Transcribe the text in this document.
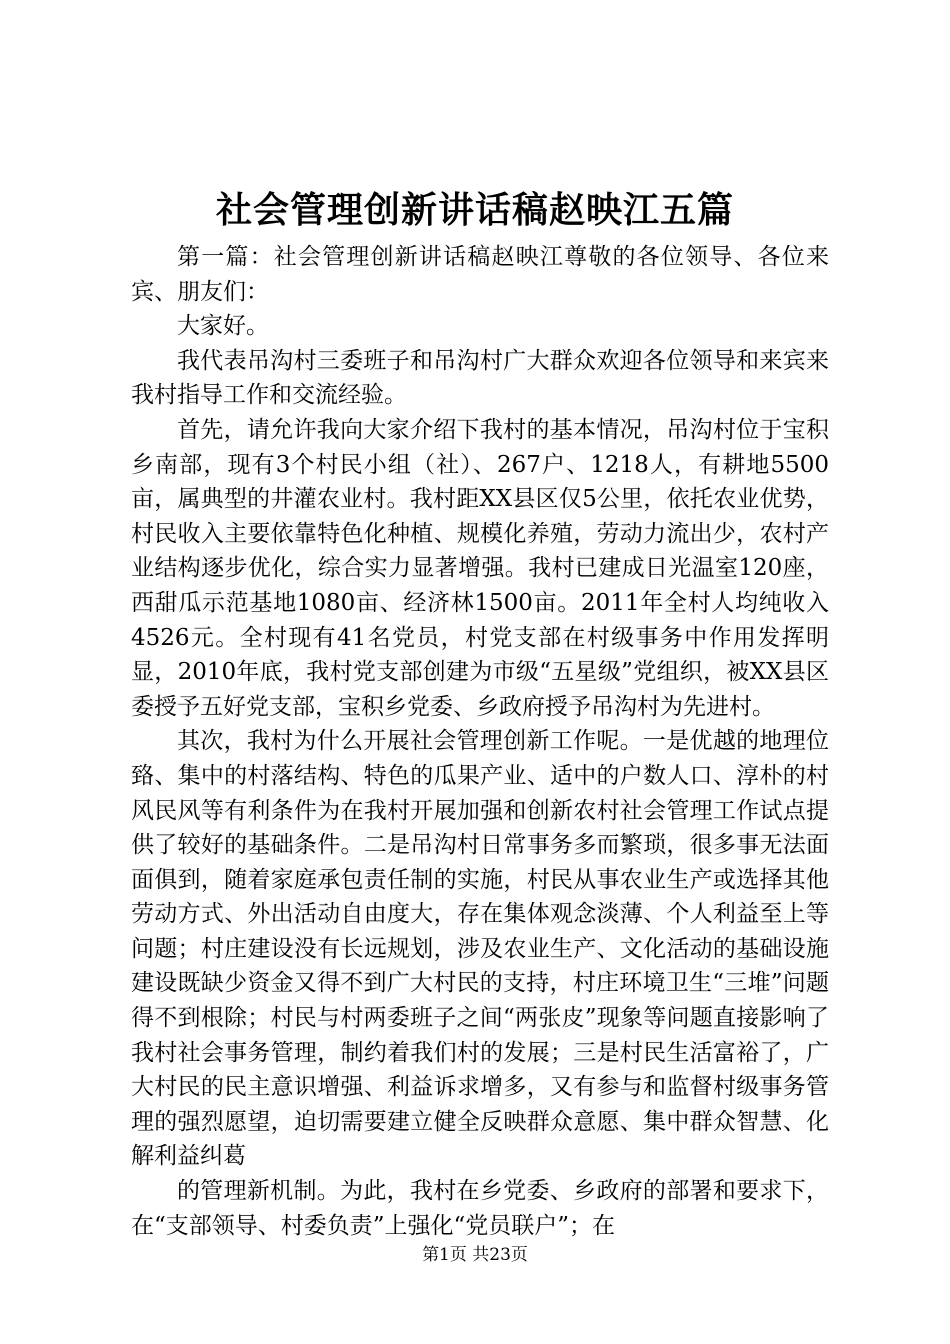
社会管理创新讲话稿赵映江五篇

第一篇：社会管理创新讲话稿赵映江尊敬的各位领导、各位来宾、朋友们：

大家好。

我代表吊沟村三委班子和吊沟村广大群众欢迎各位领导和来宾来我村指导工作和交流经验。

首先，请允许我向大家介绍下我村的基本情况，吊沟村位于宝积乡南部，现有3个村民小组（社）、267户、1218人，有耕地5500亩，属典型的井灌农业村。我村距XX县区仅5公里，依托农业优势，村民收入主要依靠特色化种植、规模化养殖，劳动力流出少，农村产业结构逐步优化，综合实力显著增强。我村已建成日光温室120座，西甜瓜示范基地1080亩、经济林1500亩。2011年全村人均纯收入4526元。全村现有41名党员，村党支部在村级事务中作用发挥明显，2010年底，我村党支部创建为市级“五星级”党组织，被XX县区委授予五好党支部，宝积乡党委、乡政府授予吊沟村为先进村。

其次，我村为什么开展社会管理创新工作呢。一是优越的地理位臵、集中的村落结构、特色的瓜果产业、适中的户数人口、淳朴的村风民风等有利条件为在我村开展加强和创新农村社会管理工作试点提供了较好的基础条件。二是吊沟村日常事务多而繁琐，很多事无法面面俱到，随着家庭承包责任制的实施，村民从事农业生产或选择其他劳动方式、外出活动自由度大，存在集体观念淡薄、个人利益至上等问题；村庄建设没有长远规划，涉及农业生产、文化活动的基础设施建设既缺少资金又得不到广大村民的支持，村庄环境卫生“三堆”问题得不到根除；村民与村两委班子之间“两张皮”现象等问题直接影响了我村社会事务管理，制约着我们村的发展；三是村民生活富裕了，广大村民的民主意识增强、利益诉求增多，又有参与和监督村级事务管理的强烈愿望，迫切需要建立健全反映群众意愿、集中群众智慧、化解利益纠葛

的管理新机制。为此，我村在乡党委、乡政府的部署和要求下，在“支部领导、村委负责”上强化“党员联户”；在

第1页 共23页
